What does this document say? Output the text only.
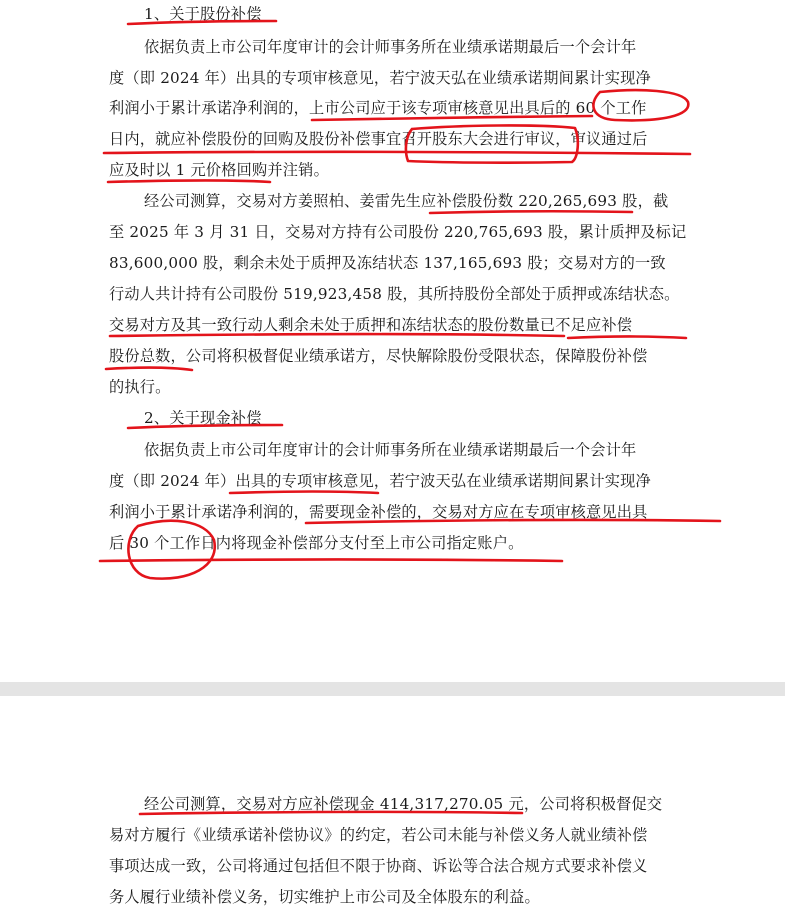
1、关于股份补偿
依据负责上市公司年度审计的会计师事务所在业绩承诺期最后一个会计年
度（即 2024 年）出具的专项审核意见，若宁波天弘在业绩承诺期间累计实现净
利润小于累计承诺净利润的，上市公司应于该专项审核意见出具后的 60 个工作
日内，就应补偿股份的回购及股份补偿事宜召开股东大会进行审议，审议通过后
应及时以 1 元价格回购并注销。
经公司测算，交易对方姜照柏、姜雷先生应补偿股份数 220,265,693 股，截
至 2025 年 3 月 31 日，交易对方持有公司股份 220,765,693 股，累计质押及标记
83,600,000 股，剩余未处于质押及冻结状态 137,165,693 股；交易对方的一致
行动人共计持有公司股份 519,923,458 股，其所持股份全部处于质押或冻结状态。
交易对方及其一致行动人剩余未处于质押和冻结状态的股份数量已不足应补偿
股份总数，公司将积极督促业绩承诺方，尽快解除股份受限状态，保障股份补偿
的执行。
2、关于现金补偿
依据负责上市公司年度审计的会计师事务所在业绩承诺期最后一个会计年
度（即 2024 年）出具的专项审核意见，若宁波天弘在业绩承诺期间累计实现净
利润小于累计承诺净利润的，需要现金补偿的，交易对方应在专项审核意见出具
后 30 个工作日内将现金补偿部分支付至上市公司指定账户。
经公司测算，交易对方应补偿现金 414,317,270.05 元，公司将积极督促交
易对方履行《业绩承诺补偿协议》的约定，若公司未能与补偿义务人就业绩补偿
事项达成一致，公司将通过包括但不限于协商、诉讼等合法合规方式要求补偿义
务人履行业绩补偿义务，切实维护上市公司及全体股东的利益。
